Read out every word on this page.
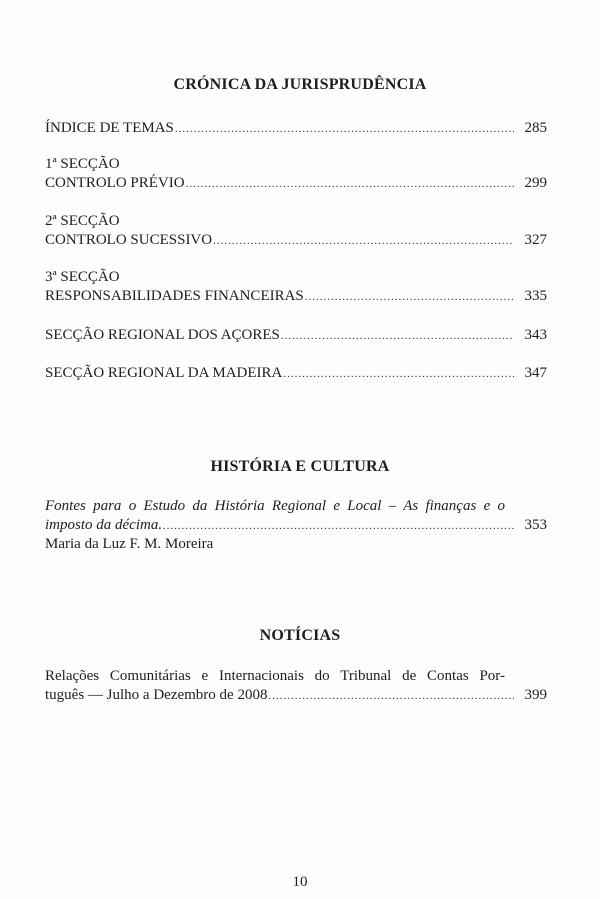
CRÓNICA DA JURISPRUDÊNCIA
ÍNDICE DE TEMAS .....	285
1ª SECÇÃO
CONTROLO PRÉVIO .....	299
2ª SECÇÃO
CONTROLO SUCESSIVO .....	327
3ª SECÇÃO
RESPONSABILIDADES FINANCEIRAS .....	335
SECÇÃO REGIONAL DOS AÇORES .....	343
SECÇÃO REGIONAL DA MADEIRA .....	347
HISTÓRIA E CULTURA
Fontes para o Estudo da História Regional e Local – As finanças e o
imposto da décima. .....	353
Maria da Luz F. M. Moreira
NOTÍCIAS
Relações Comunitárias e Internacionais do Tribunal de Contas Por-
tuguês — Julho a Dezembro de 2008 .....	399
10
